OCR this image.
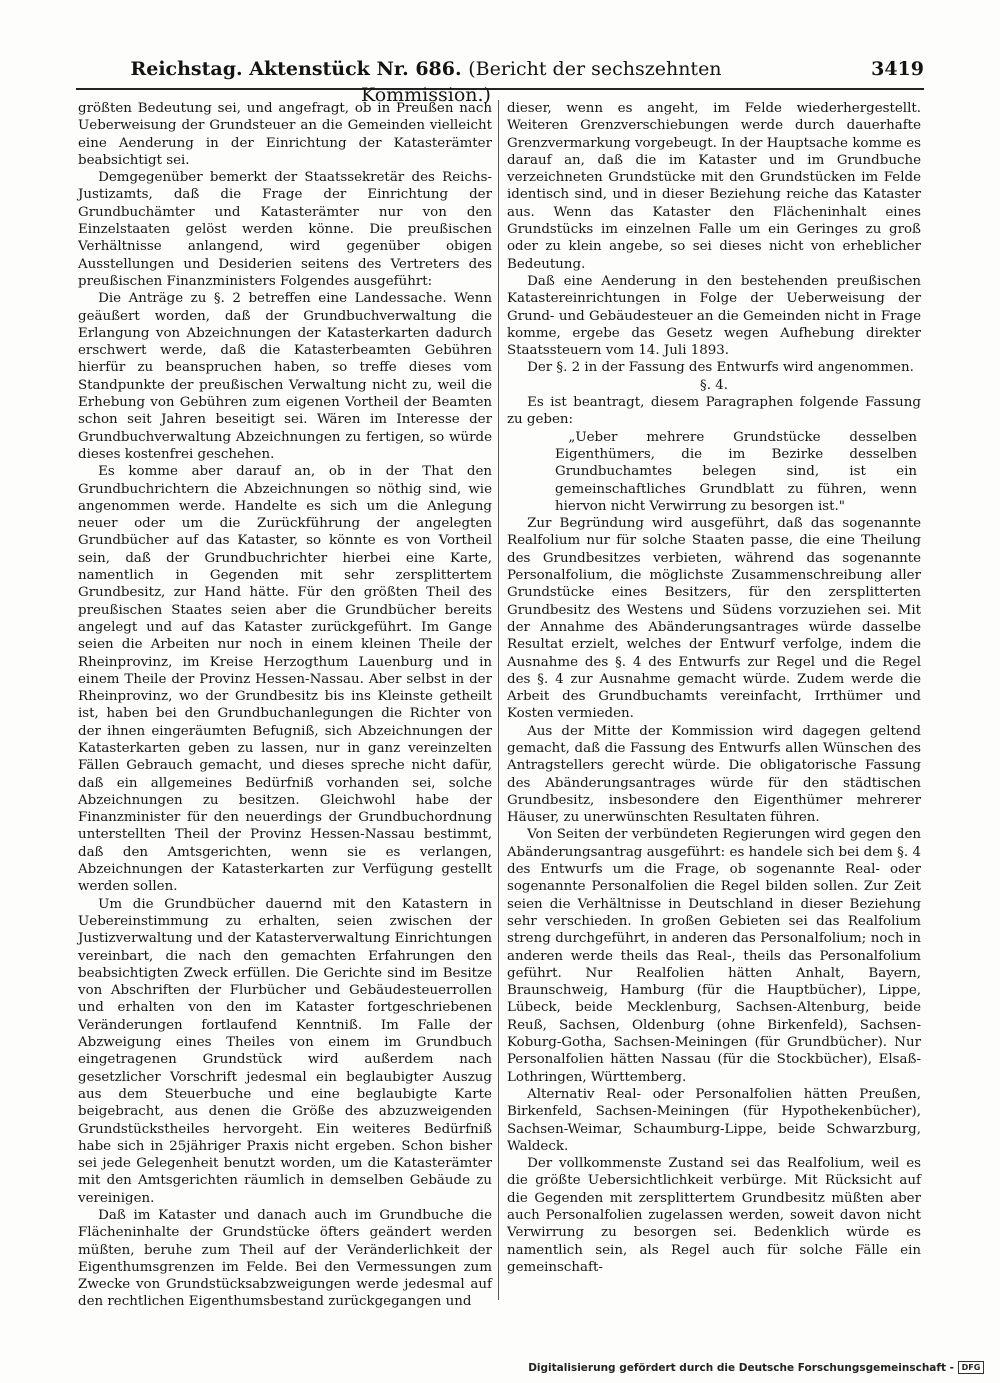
Reichstag. Aktenstück Nr. 686. (Bericht der sechszehnten Kommission.)
3419

größten Bedeutung sei, und angefragt, ob in Preußen nach Ueberweisung der Grundsteuer an die Gemeinden vielleicht eine Aenderung in der Einrichtung der Katasterämter beabsichtigt sei.

Demgegenüber bemerkt der Staatssekretär des Reichs-Justizamts, daß die Frage der Einrichtung der Grundbuchämter und Katasterämter nur von den Einzelstaaten gelöst werden könne. Die preußischen Verhältnisse anlangend, wird gegenüber obigen Ausstellungen und Desiderien seitens des Vertreters des preußischen Finanzministers Folgendes ausgeführt:

Die Anträge zu §. 2 betreffen eine Landessache. Wenn geäußert worden, daß der Grundbuchverwaltung die Erlangung von Abzeichnungen der Katasterkarten dadurch erschwert werde, daß die Katasterbeamten Gebühren hierfür zu beanspruchen haben, so treffe dieses vom Standpunkte der preußischen Verwaltung nicht zu, weil die Erhebung von Gebühren zum eigenen Vortheil der Beamten schon seit Jahren beseitigt sei. Wären im Interesse der Grundbuchverwaltung Abzeichnungen zu fertigen, so würde dieses kostenfrei geschehen.

Es komme aber darauf an, ob in der That den Grundbuchrichtern die Abzeichnungen so nöthig sind, wie angenommen werde. Handelte es sich um die Anlegung neuer oder um die Zurückführung der angelegten Grundbücher auf das Kataster, so könnte es von Vortheil sein, daß der Grundbuchrichter hierbei eine Karte, namentlich in Gegenden mit sehr zersplittertem Grundbesitz, zur Hand hätte. Für den größten Theil des preußischen Staates seien aber die Grundbücher bereits angelegt und auf das Kataster zurückgeführt. Im Gange seien die Arbeiten nur noch in einem kleinen Theile der Rheinprovinz, im Kreise Herzogthum Lauenburg und in einem Theile der Provinz Hessen-Nassau. Aber selbst in der Rheinprovinz, wo der Grundbesitz bis ins Kleinste getheilt ist, haben bei den Grundbuchanlegungen die Richter von der ihnen eingeräumten Befugniß, sich Abzeichnungen der Katasterkarten geben zu lassen, nur in ganz vereinzelten Fällen Gebrauch gemacht, und dieses spreche nicht dafür, daß ein allgemeines Bedürfniß vorhanden sei, solche Abzeichnungen zu besitzen. Gleichwohl habe der Finanzminister für den neuerdings der Grundbuchordnung unterstellten Theil der Provinz Hessen-Nassau bestimmt, daß den Amtsgerichten, wenn sie es verlangen, Abzeichnungen der Katasterkarten zur Verfügung gestellt werden sollen.

Um die Grundbücher dauernd mit den Katastern in Uebereinstimmung zu erhalten, seien zwischen der Justizverwaltung und der Katasterverwaltung Einrichtungen vereinbart, die nach den gemachten Erfahrungen den beabsichtigten Zweck erfüllen. Die Gerichte sind im Besitze von Abschriften der Flurbücher und Gebäudesteuerrollen und erhalten von den im Kataster fortgeschriebenen Veränderungen fortlaufend Kenntniß. Im Falle der Abzweigung eines Theiles von einem im Grundbuch eingetragenen Grundstück wird außerdem nach gesetzlicher Vorschrift jedesmal ein beglaubigter Auszug aus dem Steuerbuche und eine beglaubigte Karte beigebracht, aus denen die Größe des abzuzweigenden Grundstückstheiles hervorgeht. Ein weiteres Bedürfniß habe sich in 25jähriger Praxis nicht ergeben. Schon bisher sei jede Gelegenheit benutzt worden, um die Katasterämter mit den Amtsgerichten räumlich in demselben Gebäude zu vereinigen.

Daß im Kataster und danach auch im Grundbuche die Flächeninhalte der Grundstücke öfters geändert werden müßten, beruhe zum Theil auf der Veränderlichkeit der Eigenthumsgrenzen im Felde. Bei den Vermessungen zum Zwecke von Grundstücksabzweigungen werde jedesmal auf den rechtlichen Eigenthumsbestand zurückgegangen und

dieser, wenn es angeht, im Felde wiederhergestellt. Weiteren Grenzverschiebungen werde durch dauerhafte Grenzvermarkung vorgebeugt. In der Hauptsache komme es darauf an, daß die im Kataster und im Grundbuche verzeichneten Grundstücke mit den Grundstücken im Felde identisch sind, und in dieser Beziehung reiche das Kataster aus. Wenn das Kataster den Flächeninhalt eines Grundstücks im einzelnen Falle um ein Geringes zu groß oder zu klein angebe, so sei dieses nicht von erheblicher Bedeutung.

Daß eine Aenderung in den bestehenden preußischen Katastereinrichtungen in Folge der Ueberweisung der Grund- und Gebäudesteuer an die Gemeinden nicht in Frage komme, ergebe das Gesetz wegen Aufhebung direkter Staatssteuern vom 14. Juli 1893.

Der §. 2 in der Fassung des Entwurfs wird angenommen.

§. 4.

Es ist beantragt, diesem Paragraphen folgende Fassung zu geben:

„Ueber mehrere Grundstücke desselben Eigenthümers, die im Bezirke desselben Grundbuchamtes belegen sind, ist ein gemeinschaftliches Grundblatt zu führen, wenn hiervon nicht Verwirrung zu besorgen ist."

Zur Begründung wird ausgeführt, daß das sogenannte Realfolium nur für solche Staaten passe, die eine Theilung des Grundbesitzes verbieten, während das sogenannte Personalfolium, die möglichste Zusammenschreibung aller Grundstücke eines Besitzers, für den zersplitterten Grundbesitz des Westens und Südens vorzuziehen sei. Mit der Annahme des Abänderungsantrages würde dasselbe Resultat erzielt, welches der Entwurf verfolge, indem die Ausnahme des §. 4 des Entwurfs zur Regel und die Regel des §. 4 zur Ausnahme gemacht würde. Zudem werde die Arbeit des Grundbuchamts vereinfacht, Irrthümer und Kosten vermieden.

Aus der Mitte der Kommission wird dagegen geltend gemacht, daß die Fassung des Entwurfs allen Wünschen des Antragstellers gerecht würde. Die obligatorische Fassung des Abänderungsantrages würde für den städtischen Grundbesitz, insbesondere den Eigenthümer mehrerer Häuser, zu unerwünschten Resultaten führen.

Von Seiten der verbündeten Regierungen wird gegen den Abänderungsantrag ausgeführt: es handele sich bei dem §. 4 des Entwurfs um die Frage, ob sogenannte Real- oder sogenannte Personalfolien die Regel bilden sollen. Zur Zeit seien die Verhältnisse in Deutschland in dieser Beziehung sehr verschieden. In großen Gebieten sei das Realfolium streng durchgeführt, in anderen das Personalfolium; noch in anderen werde theils das Real-, theils das Personalfolium geführt. Nur Realfolien hätten Anhalt, Bayern, Braunschweig, Hamburg (für die Hauptbücher), Lippe, Lübeck, beide Mecklenburg, Sachsen-Altenburg, beide Reuß, Sachsen, Oldenburg (ohne Birkenfeld), Sachsen-Koburg-Gotha, Sachsen-Meiningen (für Grundbücher). Nur Personalfolien hätten Nassau (für die Stockbücher), Elsaß-Lothringen, Württemberg.

Alternativ Real- oder Personalfolien hätten Preußen, Birkenfeld, Sachsen-Meiningen (für Hypothekenbücher), Sachsen-Weimar, Schaumburg-Lippe, beide Schwarzburg, Waldeck.

Der vollkommenste Zustand sei das Realfolium, weil es die größte Uebersichtlichkeit verbürge. Mit Rücksicht auf die Gegenden mit zersplittertem Grundbesitz müßten aber auch Personalfolien zugelassen werden, soweit davon nicht Verwirrung zu besorgen sei. Bedenklich würde es namentlich sein, als Regel auch für solche Fälle ein gemeinschaft-

Digitalisierung gefördert durch die Deutsche Forschungsgemeinschaft - DFG
